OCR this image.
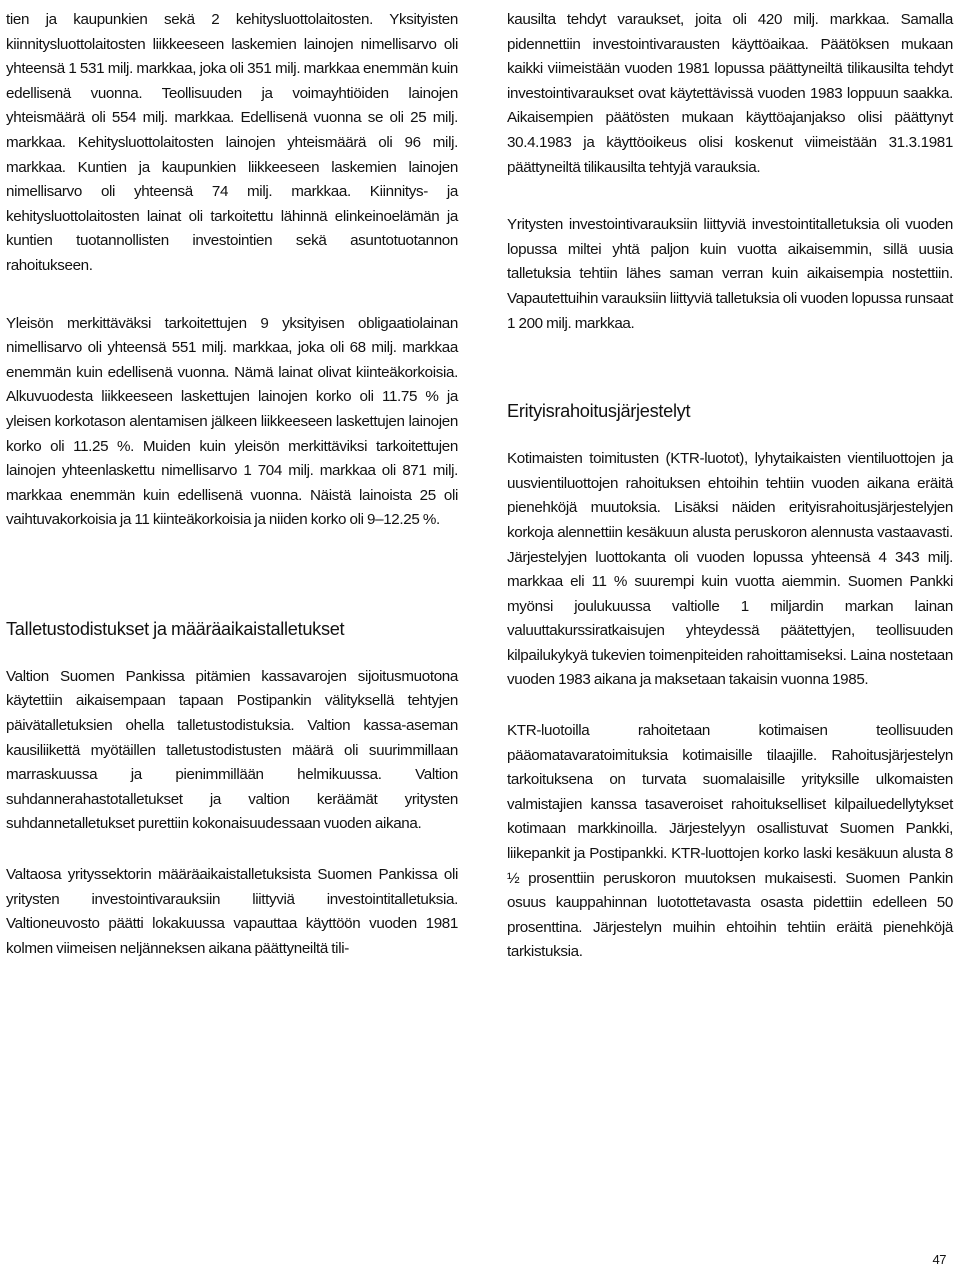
tien ja kaupunkien sekä 2 kehitysluottolaitosten. Yksityisten kiinnitysluottolaitosten liikkeeseen laskemien lainojen nimellisarvo oli yhteensä 1 531 milj. markkaa, joka oli 351 milj. markkaa enemmän kuin edellisenä vuonna. Teollisuuden ja voimayhtiöiden lainojen yhteismäärä oli 554 milj. markkaa. Edellisenä vuonna se oli 25 milj. markkaa. Kehitysluottolaitosten lainojen yhteismäärä oli 96 milj. markkaa. Kuntien ja kaupunkien liikkeeseen laskemien lainojen nimellisarvo oli yhteensä 74 milj. markkaa. Kiinnitys- ja kehitysluottolaitosten lainat oli tarkoitettu lähinnä elinkeinoelämän ja kuntien tuotannollisten investointien sekä asuntotuotannon rahoitukseen.

Yleisön merkittäväksi tarkoitettujen 9 yksityisen obligaatiolainan nimellisarvo oli yhteensä 551 milj. markkaa, joka oli 68 milj. markkaa enemmän kuin edellisenä vuonna. Nämä lainat olivat kiinteäkorkoisia. Alkuvuodesta liikkeeseen laskettujen lainojen korko oli 11.75 % ja yleisen korkotason alentamisen jälkeen liikkeeseen laskettujen lainojen korko oli 11.25 %. Muiden kuin yleisön merkittäviksi tarkoitettujen lainojen yhteenlaskettu nimellisarvo 1 704 milj. markkaa oli 871 milj. markkaa enemmän kuin edellisenä vuonna. Näistä lainoista 25 oli vaihtuvakorkoisia ja 11 kiinteäkorkoisia ja niiden korko oli 9–12.25 %.

Talletustodistukset ja määräaikaistalletukset

Valtion Suomen Pankissa pitämien kassavarojen sijoitusmuotona käytettiin aikaisempaan tapaan Postipankin välityksellä tehtyjen päivätalletuksien ohella talletustodistuksia. Valtion kassa-aseman kausiliikettä myötäillen talletustodistusten määrä oli suurimmillaan marraskuussa ja pienimmillään helmikuussa. Valtion suhdannerahastotalletukset ja valtion keräämät yritysten suhdannetalletukset purettiin kokonaisuudessaan vuoden aikana.

Valtaosa yrityssektorin määräaikaistalletuksista Suomen Pankissa oli yritysten investointivarauksiin liittyviä investointitalletuksia. Valtioneuvosto päätti lokakuussa vapauttaa käyttöön vuoden 1981 kolmen viimeisen neljänneksen aikana päättyneiltä tili-

kausilta tehdyt varaukset, joita oli 420 milj. markkaa. Samalla pidennettiin investointivarausten käyttöaikaa. Päätöksen mukaan kaikki viimeistään vuoden 1981 lopussa päättyneiltä tilikausilta tehdyt investointivaraukset ovat käytettävissä vuoden 1983 loppuun saakka. Aikaisempien päätösten mukaan käyttöajanjakso olisi päättynyt 30.4.1983 ja käyttöoikeus olisi koskenut viimeistään 31.3.1981 päättyneiltä tilikausilta tehtyjä varauksia.

Yritysten investointivarauksiin liittyviä investointitalletuksia oli vuoden lopussa miltei yhtä paljon kuin vuotta aikaisemmin, sillä uusia talletuksia tehtiin lähes saman verran kuin aikaisempia nostettiin. Vapautettuihin varauksiin liittyviä talletuksia oli vuoden lopussa runsaat 1 200 milj. markkaa.

Erityisrahoitusjärjestelyt

Kotimaisten toimitusten (KTR-luotot), lyhytaikaisten vientiluottojen ja uusvientiluottojen rahoituksen ehtoihin tehtiin vuoden aikana eräitä pienehköjä muutoksia. Lisäksi näiden erityisrahoitusjärjestelyjen korkoja alennettiin kesäkuun alusta peruskoron alennusta vastaavasti. Järjestelyjen luottokanta oli vuoden lopussa yhteensä 4 343 milj. markkaa eli 11 % suurempi kuin vuotta aiemmin. Suomen Pankki myönsi joulukuussa valtiolle 1 miljardin markan lainan valuuttakurssiratkaisujen yhteydessä päätettyjen, teollisuuden kilpailukykyä tukevien toimenpiteiden rahoittamiseksi. Laina nostetaan vuoden 1983 aikana ja maksetaan takaisin vuonna 1985.

KTR-luotoilla rahoitetaan kotimaisen teollisuuden pääomatavaratoimituksia kotimaisille tilaajille. Rahoitusjärjestelyn tarkoituksena on turvata suomalaisille yrityksille ulkomaisten valmistajien kanssa tasaveroiset rahoitukselliset kilpailuedellytykset kotimaan markkinoilla. Järjestelyyn osallistuvat Suomen Pankki, liikepankit ja Postipankki. KTR-luottojen korko laski kesäkuun alusta 8 ½ prosenttiin peruskoron muutoksen mukaisesti. Suomen Pankin osuus kauppahinnan luotottetavasta osasta pidettiin edelleen 50 prosenttina. Järjestelyn muihin ehtoihin tehtiin eräitä pienehköjä tarkistuksia.

47
